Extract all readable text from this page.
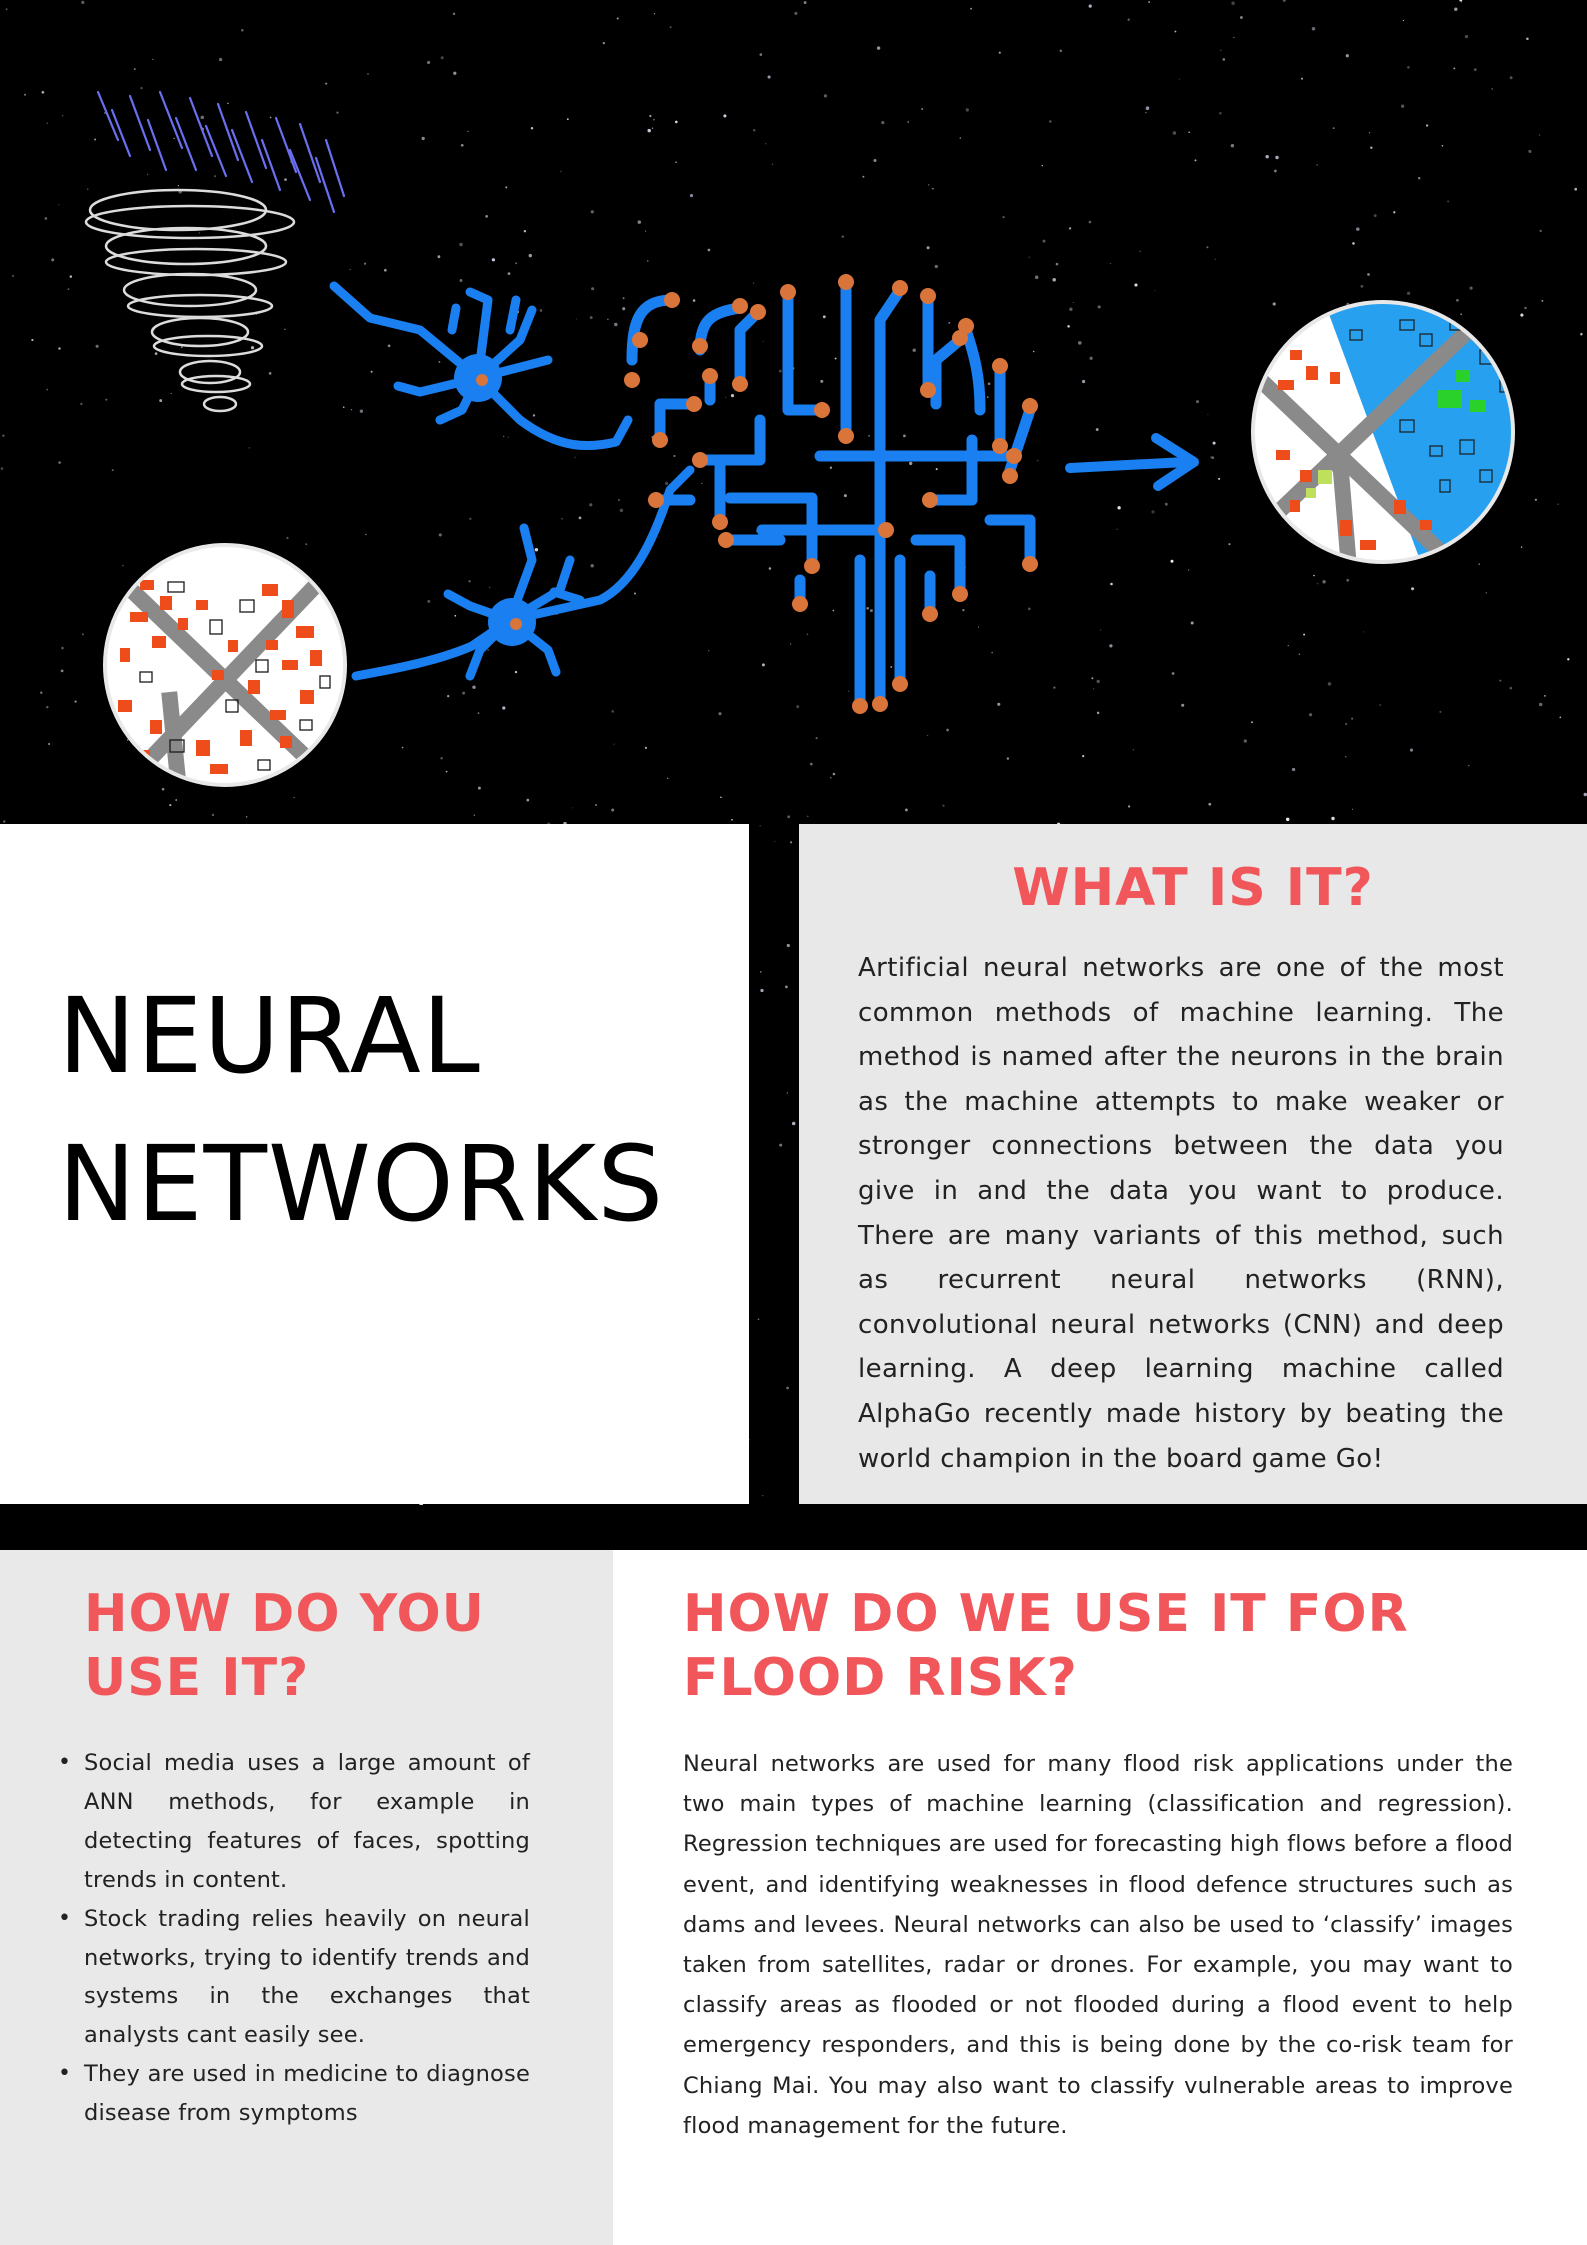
NEURAL
NETWORKS
WHAT IS IT?

Artificial neural networks are one of the most common methods of machine learning. The method is named after the neurons in the brain as the machine attempts to make weaker or stronger connections between the data you give in and the data you want to produce. There are many variants of this method, such as recurrent neural networks (RNN), convolutional neural networks (CNN) and deep learning. A deep learning machine called AlphaGo recently made history by beating the world champion in the board game Go!

HOW DO YOU USE IT?
• Social media uses a large amount of ANN methods, for example in detecting features of faces, spotting trends in content.
• Stock trading relies heavily on neural networks, trying to identify trends and systems in the exchanges that analysts cant easily see.
• They are used in medicine to diagnose disease from symptoms
HOW DO WE USE IT FOR FLOOD RISK?

Neural networks are used for many flood risk applications under the two main types of machine learning (classification and regression). Regression techniques are used for forecasting high flows before a flood event, and identifying weaknesses in flood defence structures such as dams and levees. Neural networks can also be used to ‘classify’ images taken from satellites, radar or drones. For example, you may want to classify areas as flooded or not flooded during a flood event to help emergency responders, and this is being done by the co-risk team for Chiang Mai. You may also want to classify vulnerable areas to improve flood management for the future.
